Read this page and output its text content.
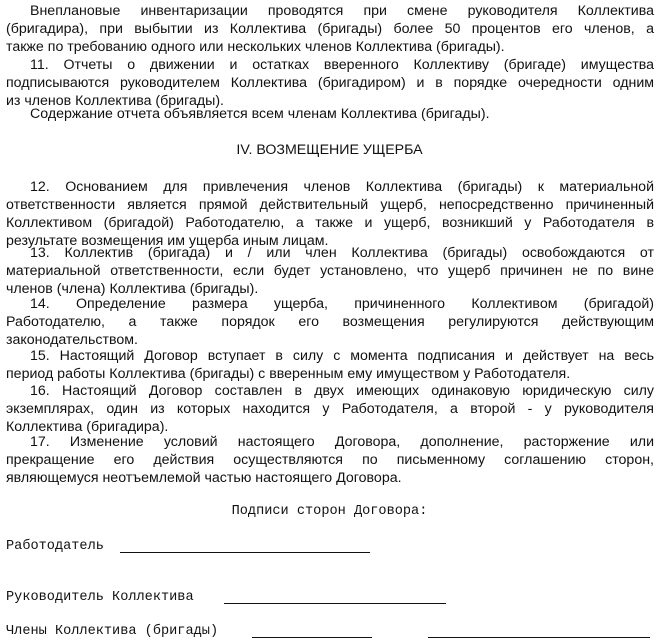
Внеплановые инвентаризации проводятся при смене руководителя Коллектива
(бригадира), при выбытии из Коллектива (бригады) более 50 процентов его членов, а
также по требованию одного или нескольких членов Коллектива (бригады).
11. Отчеты о движении и остатках вверенного Коллективу (бригаде) имущества
подписываются руководителем Коллектива (бригадиром) и в порядке очередности одним
из членов Коллектива (бригады).
Содержание отчета объявляется всем членам Коллектива (бригады).
IV. ВОЗМЕЩЕНИЕ УЩЕРБА
12. Основанием для привлечения членов Коллектива (бригады) к материальной
ответственности является прямой действительный ущерб, непосредственно причиненный
Коллективом (бригадой) Работодателю, а также и ущерб, возникший у Работодателя в
результате возмещения им ущерба иным лицам.
13. Коллектив (бригада) и / или член Коллектива (бригады) освобождаются от
материальной ответственности, если будет установлено, что ущерб причинен не по вине
членов (члена) Коллектива (бригады).
14. Определение размера ущерба, причиненного Коллективом (бригадой)
Работодателю, а также порядок его возмещения регулируются действующим
законодательством.
15. Настоящий Договор вступает в силу с момента подписания и действует на весь
период работы Коллектива (бригады) с вверенным ему имуществом у Работодателя.
16. Настоящий Договор составлен в двух имеющих одинаковую юридическую силу
экземплярах, один из которых находится у Работодателя, а второй - у руководителя
Коллектива (бригадира).
17. Изменение условий настоящего Договора, дополнение, расторжение или
прекращение его действия осуществляются по письменному соглашению сторон,
являющемуся неотъемлемой частью настоящего Договора.
Подписи сторон Договора:
Работодатель
Руководитель Коллектива
Члены Коллектива (бригады)
